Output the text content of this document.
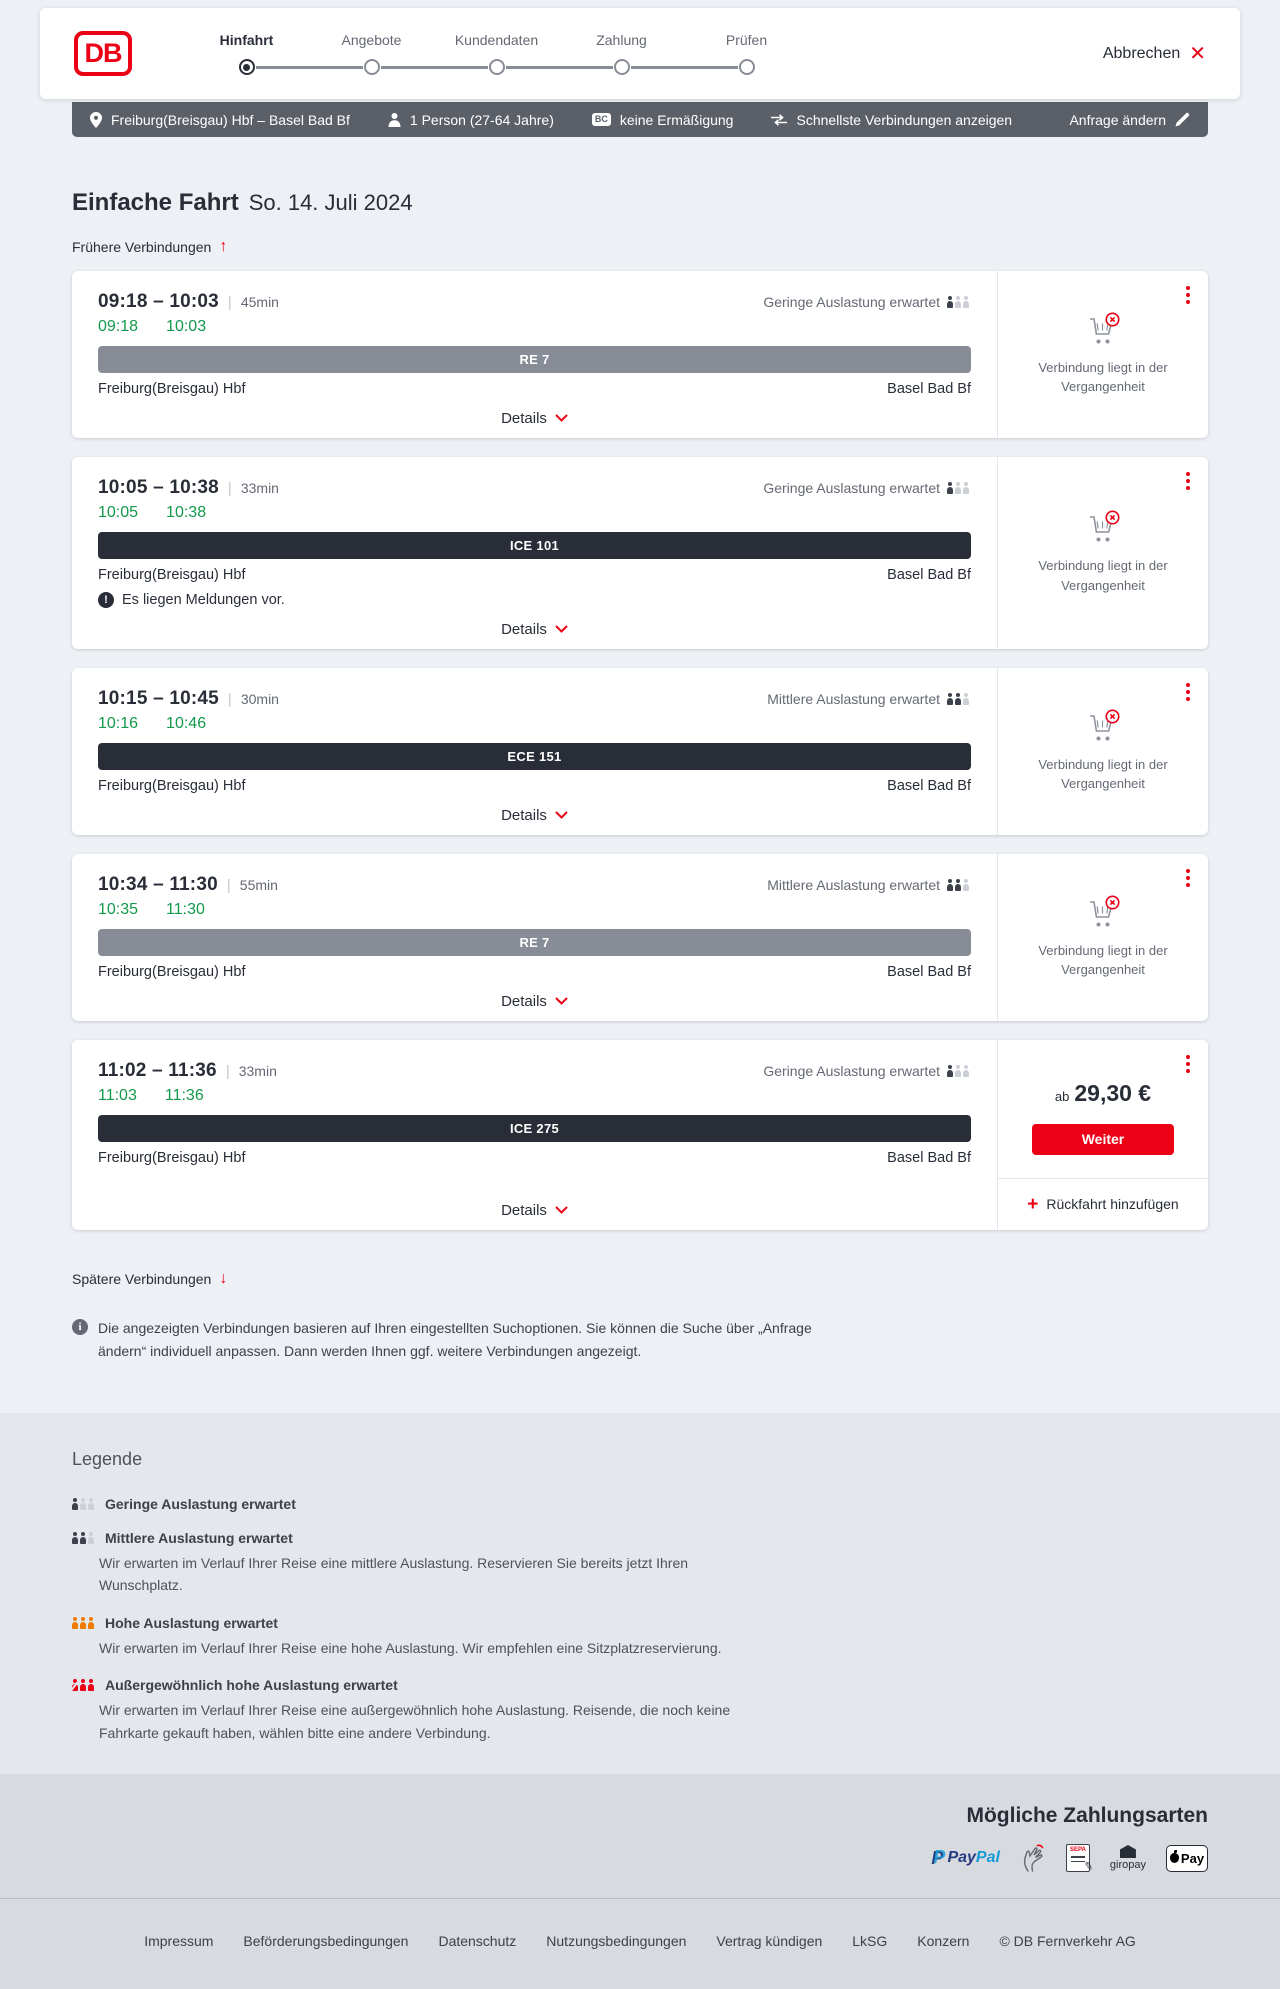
DB	Hinfahrt	Angebote	Kundendaten	Zahlung	Prüfen
Abbrechen ✕
Freiburg(Breisgau) Hbf – Basel Bad Bf	1 Person (27-64 Jahre)	BC keine Ermäßigung	Schnellste Verbindungen anzeigen	Anfrage ändern
Einfache Fahrt So. 14. Juli 2024
Frühere Verbindungen ↑
09:18 – 10:03 | 45min	Geringe Auslastung erwartet
09:18 10:03
RE 7
Freiburg(Breisgau) Hbf	Basel Bad Bf
Details

Verbindung liegt in der Vergangenheit

10:05 – 10:38 | 33min	Geringe Auslastung erwartet
10:05 10:38
ICE 101
Freiburg(Breisgau) Hbf	Basel Bad Bf
! Es liegen Meldungen vor.
Details

Verbindung liegt in der Vergangenheit

10:15 – 10:45 | 30min	Mittlere Auslastung erwartet
10:16 10:46
ECE 151
Freiburg(Breisgau) Hbf	Basel Bad Bf
Details

Verbindung liegt in der Vergangenheit

10:34 – 11:30 | 55min	Mittlere Auslastung erwartet
10:35 11:30
RE 7
Freiburg(Breisgau) Hbf	Basel Bad Bf
Details

Verbindung liegt in der Vergangenheit

11:02 – 11:36 | 33min	Geringe Auslastung erwartet
11:03 11:36
ICE 275
Freiburg(Breisgau) Hbf	Basel Bad Bf
Details
ab 29,30 €
Weiter
+ Rückfahrt hinzufügen
Spätere Verbindungen ↓
i	Die angezeigten Verbindungen basieren auf Ihren eingestellten Suchoptionen. Sie können die Suche über „Anfrage ändern“ individuell anpassen. Dann werden Ihnen ggf. weitere Verbindungen angezeigt.

Legende
Geringe Auslastung erwartet
Mittlere Auslastung erwartet

Wir erwarten im Verlauf Ihrer Reise eine mittlere Auslastung. Reservieren Sie bereits jetzt Ihren Wunschplatz.

Hohe Auslastung erwartet

Wir erwarten im Verlauf Ihrer Reise eine hohe Auslastung. Wir empfehlen eine Sitzplatzreservierung.

Außergewöhnlich hohe Auslastung erwartet

Wir erwarten im Verlauf Ihrer Reise eine außergewöhnlich hohe Auslastung. Reisende, die noch keine Fahrkarte gekauft haben, wählen bitte eine andere Verbindung.

Mögliche Zahlungsarten
P P PayPal	SEPA
✎ giropay	Pay
Impressum Beförderungsbedingungen Datenschutz Nutzungsbedingungen Vertrag kündigen LkSG Konzern © DB Fernverkehr AG
